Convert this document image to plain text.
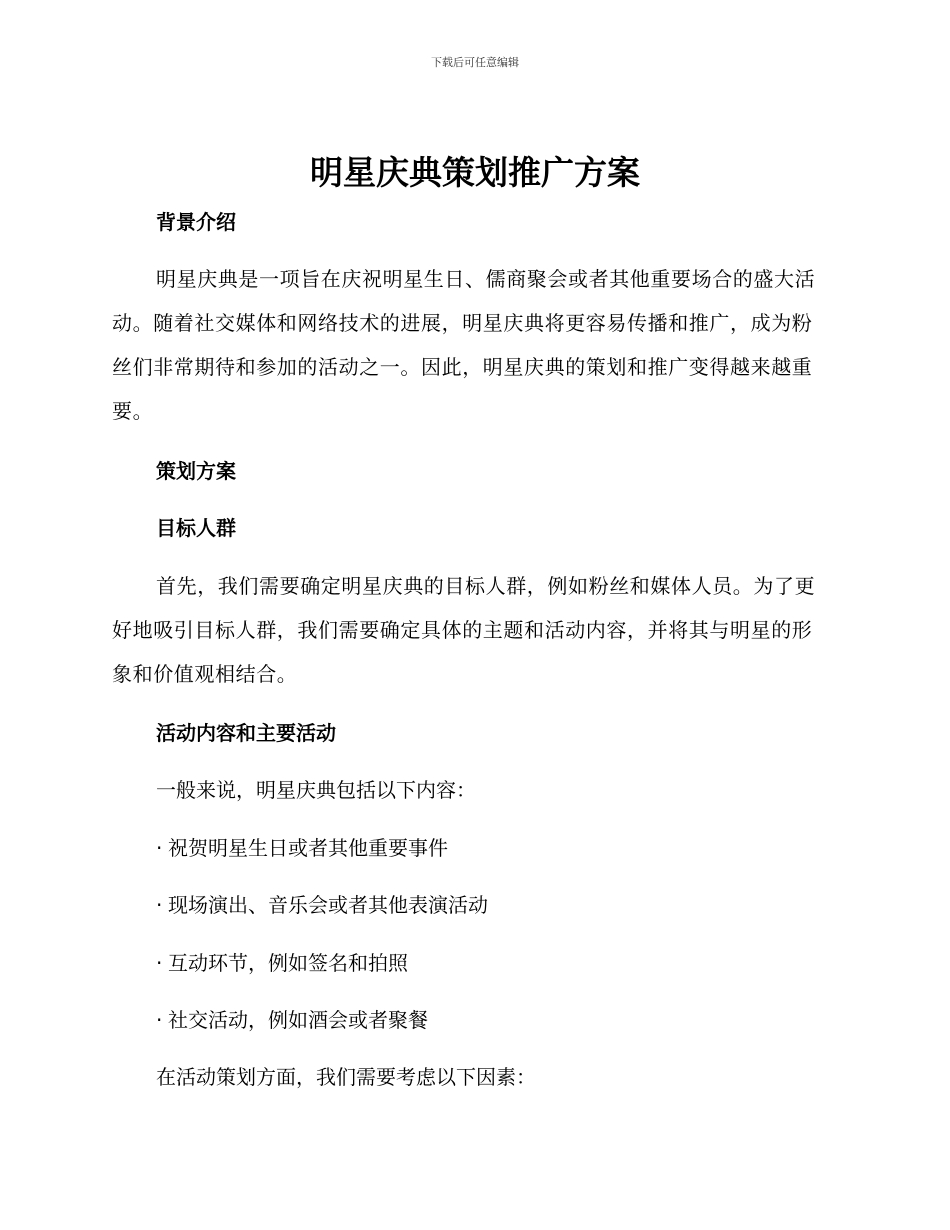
下载后可任意编辑
明星庆典策划推广方案
背景介绍

明星庆典是一项旨在庆祝明星生日、儒商聚会或者其他重要场合的盛大活动。随着社交媒体和网络技术的进展，明星庆典将更容易传播和推广，成为粉丝们非常期待和参加的活动之一。因此，明星庆典的策划和推广变得越来越重要。

策划方案
目标人群

首先，我们需要确定明星庆典的目标人群，例如粉丝和媒体人员。为了更好地吸引目标人群，我们需要确定具体的主题和活动内容，并将其与明星的形象和价值观相结合。

活动内容和主要活动

一般来说，明星庆典包括以下内容：

· 祝贺明星生日或者其他重要事件

· 现场演出、音乐会或者其他表演活动

· 互动环节，例如签名和拍照

· 社交活动，例如酒会或者聚餐

在活动策划方面，我们需要考虑以下因素：
